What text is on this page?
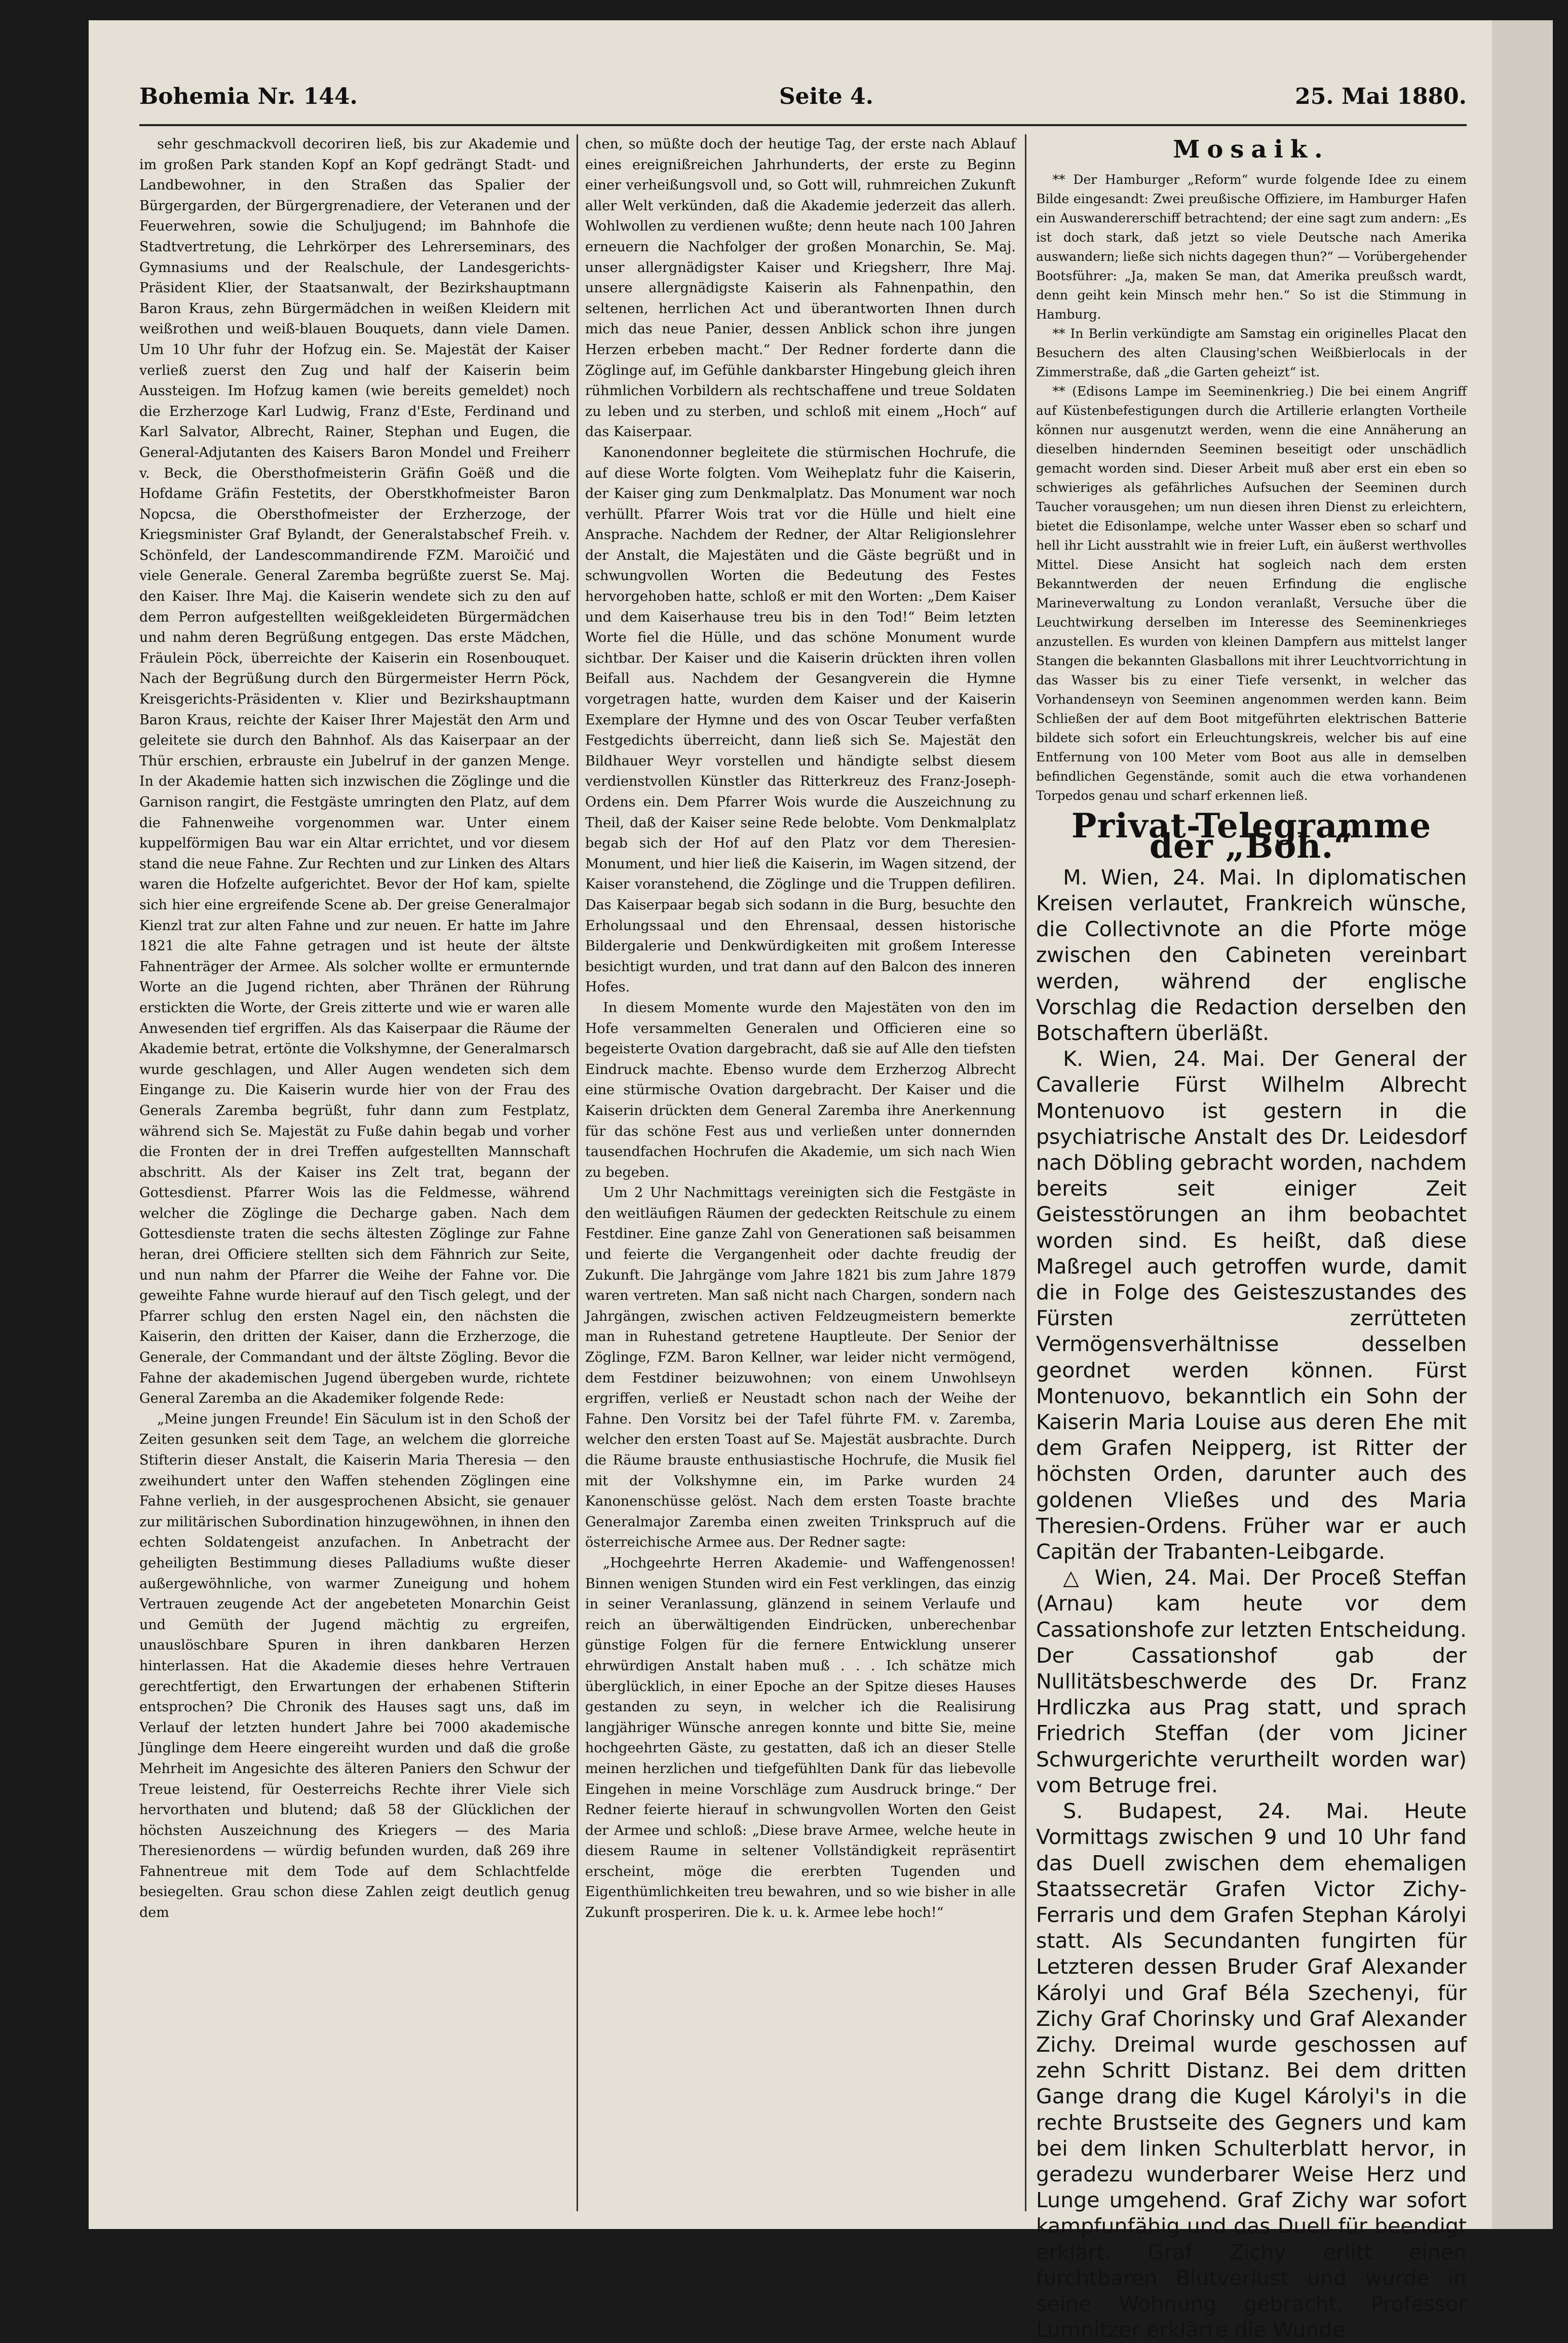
Bohemia Nr. 144.	Seite 4.	25. Mai 1880.

sehr geschmackvoll decoriren ließ, bis zur Akademie und im großen Park standen Kopf an Kopf gedrängt Stadt- und Landbewohner, in den Straßen das Spalier der Bürgergarden, der Bürgergrenadiere, der Veteranen und der Feuerwehren, sowie die Schuljugend; im Bahnhofe die Stadtvertretung, die Lehrkörper des Lehrerseminars, des Gymnasiums und der Realschule, der Landesgerichts-Präsident Klier, der Staatsanwalt, der Bezirkshauptmann Baron Kraus, zehn Bürgermädchen in weißen Kleidern mit weißrothen und weiß-blauen Bouquets, dann viele Damen. Um 10 Uhr fuhr der Hofzug ein. Se. Majestät der Kaiser verließ zuerst den Zug und half der Kaiserin beim Aussteigen. Im Hofzug kamen (wie bereits gemeldet) noch die Erzherzoge Karl Ludwig, Franz d'Este, Ferdinand und Karl Salvator, Albrecht, Rainer, Stephan und Eugen, die General-Adjutanten des Kaisers Baron Mondel und Freiherr v. Beck, die Obersthofmeisterin Gräfin Goëß und die Hofdame Gräfin Festetits, der Oberstkhofmeister Baron Nopcsa, die Obersthofmeister der Erzherzoge, der Kriegsminister Graf Bylandt, der Generalstabschef Freih. v. Schönfeld, der Landescommandirende FZM. Maroičić und viele Generale. General Zaremba begrüßte zuerst Se. Maj. den Kaiser. Ihre Maj. die Kaiserin wendete sich zu den auf dem Perron aufgestellten weißgekleideten Bürgermädchen und nahm deren Begrüßung entgegen. Das erste Mädchen, Fräulein Pöck, überreichte der Kaiserin ein Rosenbouquet. Nach der Begrüßung durch den Bürgermeister Herrn Pöck, Kreisgerichts-Präsidenten v. Klier und Bezirkshauptmann Baron Kraus, reichte der Kaiser Ihrer Majestät den Arm und geleitete sie durch den Bahnhof. Als das Kaiserpaar an der Thür erschien, erbrauste ein Jubelruf in der ganzen Menge. In der Akademie hatten sich inzwischen die Zöglinge und die Garnison rangirt, die Festgäste umringten den Platz, auf dem die Fahnenweihe vorgenommen war. Unter einem kuppelförmigen Bau war ein Altar errichtet, und vor diesem stand die neue Fahne. Zur Rechten und zur Linken des Altars waren die Hofzelte aufgerichtet. Bevor der Hof kam, spielte sich hier eine ergreifende Scene ab. Der greise Generalmajor Kienzl trat zur alten Fahne und zur neuen. Er hatte im Jahre 1821 die alte Fahne getragen und ist heute der ältste Fahnenträger der Armee. Als solcher wollte er ermunternde Worte an die Jugend richten, aber Thränen der Rührung erstickten die Worte, der Greis zitterte und wie er waren alle Anwesenden tief ergriffen. Als das Kaiserpaar die Räume der Akademie betrat, ertönte die Volkshymne, der Generalmarsch wurde geschlagen, und Aller Augen wendeten sich dem Eingange zu. Die Kaiserin wurde hier von der Frau des Generals Zaremba begrüßt, fuhr dann zum Festplatz, während sich Se. Majestät zu Fuße dahin begab und vorher die Fronten der in drei Treffen aufgestellten Mannschaft abschritt. Als der Kaiser ins Zelt trat, begann der Gottesdienst. Pfarrer Wois las die Feldmesse, während welcher die Zöglinge die Decharge gaben. Nach dem Gottesdienste traten die sechs ältesten Zöglinge zur Fahne heran, drei Officiere stellten sich dem Fähnrich zur Seite, und nun nahm der Pfarrer die Weihe der Fahne vor. Die geweihte Fahne wurde hierauf auf den Tisch gelegt, und der Pfarrer schlug den ersten Nagel ein, den nächsten die Kaiserin, den dritten der Kaiser, dann die Erzherzoge, die Generale, der Commandant und der ältste Zögling. Bevor die Fahne der akademischen Jugend übergeben wurde, richtete General Zaremba an die Akademiker folgende Rede:

„Meine jungen Freunde! Ein Säculum ist in den Schoß der Zeiten gesunken seit dem Tage, an welchem die glorreiche Stifterin dieser Anstalt, die Kaiserin Maria Theresia — den zweihundert unter den Waffen stehenden Zöglingen eine Fahne verlieh, in der ausgesprochenen Absicht, sie genauer zur militärischen Subordination hinzugewöhnen, in ihnen den echten Soldatengeist anzufachen. In Anbetracht der geheiligten Bestimmung dieses Palladiums wußte dieser außergewöhnliche, von warmer Zuneigung und hohem Vertrauen zeugende Act der angebeteten Monarchin Geist und Gemüth der Jugend mächtig zu ergreifen, unauslöschbare Spuren in ihren dankbaren Herzen hinterlassen. Hat die Akademie dieses hehre Vertrauen gerechtfertigt, den Erwartungen der erhabenen Stifterin entsprochen? Die Chronik des Hauses sagt uns, daß im Verlauf der letzten hundert Jahre bei 7000 akademische Jünglinge dem Heere eingereiht wurden und daß die große Mehrheit im Angesichte des älteren Paniers den Schwur der Treue leistend, für Oesterreichs Rechte ihrer Viele sich hervorthaten und blutend; daß 58 der Glücklichen der höchsten Auszeichnung des Kriegers — des Maria Theresienordens — würdig befunden wurden, daß 269 ihre Fahnentreue mit dem Tode auf dem Schlachtfelde besiegelten. Grau schon diese Zahlen zeigt deutlich genug dem

chen, so müßte doch der heutige Tag, der erste nach Ablauf eines ereignißreichen Jahrhunderts, der erste zu Beginn einer verheißungsvoll und, so Gott will, ruhmreichen Zukunft aller Welt verkünden, daß die Akademie jederzeit das allerh. Wohlwollen zu verdienen wußte; denn heute nach 100 Jahren erneuern die Nachfolger der großen Monarchin, Se. Maj. unser allergnädigster Kaiser und Kriegsherr, Ihre Maj. unsere allergnädigste Kaiserin als Fahnenpathin, den seltenen, herrlichen Act und überantworten Ihnen durch mich das neue Panier, dessen Anblick schon ihre jungen Herzen erbeben macht.“ Der Redner forderte dann die Zöglinge auf, im Gefühle dankbarster Hingebung gleich ihren rühmlichen Vorbildern als rechtschaffene und treue Soldaten zu leben und zu sterben, und schloß mit einem „Hoch“ auf das Kaiserpaar.

Kanonendonner begleitete die stürmischen Hochrufe, die auf diese Worte folgten. Vom Weiheplatz fuhr die Kaiserin, der Kaiser ging zum Denkmalplatz. Das Monument war noch verhüllt. Pfarrer Wois trat vor die Hülle und hielt eine Ansprache. Nachdem der Redner, der Altar Religionslehrer der Anstalt, die Majestäten und die Gäste begrüßt und in schwungvollen Worten die Bedeutung des Festes hervorgehoben hatte, schloß er mit den Worten: „Dem Kaiser und dem Kaiserhause treu bis in den Tod!“ Beim letzten Worte fiel die Hülle, und das schöne Monument wurde sichtbar. Der Kaiser und die Kaiserin drückten ihren vollen Beifall aus. Nachdem der Gesangverein die Hymne vorgetragen hatte, wurden dem Kaiser und der Kaiserin Exemplare der Hymne und des von Oscar Teuber verfaßten Festgedichts überreicht, dann ließ sich Se. Majestät den Bildhauer Weyr vorstellen und händigte selbst diesem verdienstvollen Künstler das Ritterkreuz des Franz-Joseph-Ordens ein. Dem Pfarrer Wois wurde die Auszeichnung zu Theil, daß der Kaiser seine Rede belobte. Vom Denkmalplatz begab sich der Hof auf den Platz vor dem Theresien-Monument, und hier ließ die Kaiserin, im Wagen sitzend, der Kaiser voranstehend, die Zöglinge und die Truppen defiliren. Das Kaiserpaar begab sich sodann in die Burg, besuchte den Erholungssaal und den Ehrensaal, dessen historische Bildergalerie und Denkwürdigkeiten mit großem Interesse besichtigt wurden, und trat dann auf den Balcon des inneren Hofes.

In diesem Momente wurde den Majestäten von den im Hofe versammelten Generalen und Officieren eine so begeisterte Ovation dargebracht, daß sie auf Alle den tiefsten Eindruck machte. Ebenso wurde dem Erzherzog Albrecht eine stürmische Ovation dargebracht. Der Kaiser und die Kaiserin drückten dem General Zaremba ihre Anerkennung für das schöne Fest aus und verließen unter donnernden tausendfachen Hochrufen die Akademie, um sich nach Wien zu begeben.

Um 2 Uhr Nachmittags vereinigten sich die Festgäste in den weitläufigen Räumen der gedeckten Reitschule zu einem Festdiner. Eine ganze Zahl von Generationen saß beisammen und feierte die Vergangenheit oder dachte freudig der Zukunft. Die Jahrgänge vom Jahre 1821 bis zum Jahre 1879 waren vertreten. Man saß nicht nach Chargen, sondern nach Jahrgängen, zwischen activen Feldzeugmeistern bemerkte man in Ruhestand getretene Hauptleute. Der Senior der Zöglinge, FZM. Baron Kellner, war leider nicht vermögend, dem Festdiner beizuwohnen; von einem Unwohlseyn ergriffen, verließ er Neustadt schon nach der Weihe der Fahne. Den Vorsitz bei der Tafel führte FM. v. Zaremba, welcher den ersten Toast auf Se. Majestät ausbrachte. Durch die Räume brauste enthusiastische Hochrufe, die Musik fiel mit der Volkshymne ein, im Parke wurden 24 Kanonenschüsse gelöst. Nach dem ersten Toaste brachte Generalmajor Zaremba einen zweiten Trinkspruch auf die österreichische Armee aus. Der Redner sagte:

„Hochgeehrte Herren Akademie- und Waffengenossen! Binnen wenigen Stunden wird ein Fest verklingen, das einzig in seiner Veranlassung, glänzend in seinem Verlaufe und reich an überwältigenden Eindrücken, unberechenbar günstige Folgen für die fernere Entwicklung unserer ehrwürdigen Anstalt haben muß . . . Ich schätze mich überglücklich, in einer Epoche an der Spitze dieses Hauses gestanden zu seyn, in welcher ich die Realisirung langjähriger Wünsche anregen konnte und bitte Sie, meine hochgeehrten Gäste, zu gestatten, daß ich an dieser Stelle meinen herzlichen und tiefgefühlten Dank für das liebevolle Eingehen in meine Vorschläge zum Ausdruck bringe.“ Der Redner feierte hierauf in schwungvollen Worten den Geist der Armee und schloß: „Diese brave Armee, welche heute in diesem Raume in seltener Vollständigkeit repräsentirt erscheint, möge die ererbten Tugenden und Eigenthümlichkeiten treu bewahren, und so wie bisher in alle Zukunft prosperiren. Die k. u. k. Armee lebe hoch!“

Mosaik.

** Der Hamburger „Reform“ wurde folgende Idee zu einem Bilde eingesandt: Zwei preußische Offiziere, im Hamburger Hafen ein Auswandererschiff betrachtend; der eine sagt zum andern: „Es ist doch stark, daß jetzt so viele Deutsche nach Amerika auswandern; ließe sich nichts dagegen thun?“ — Vorübergehender Bootsführer: „Ja, maken Se man, dat Amerika preußsch wardt, denn geiht kein Minsch mehr hen.“ So ist die Stimmung in Hamburg.

** In Berlin verkündigte am Samstag ein originelles Placat den Besuchern des alten Clausing'schen Weißbierlocals in der Zimmerstraße, daß „die Garten geheizt“ ist.

** (Edisons Lampe im Seeminenkrieg.) Die bei einem Angriff auf Küstenbefestigungen durch die Artillerie erlangten Vortheile können nur ausgenutzt werden, wenn die eine Annäherung an dieselben hindernden Seeminen beseitigt oder unschädlich gemacht worden sind. Dieser Arbeit muß aber erst ein eben so schwieriges als gefährliches Aufsuchen der Seeminen durch Taucher vorausgehen; um nun diesen ihren Dienst zu erleichtern, bietet die Edisonlampe, welche unter Wasser eben so scharf und hell ihr Licht ausstrahlt wie in freier Luft, ein äußerst werthvolles Mittel. Diese Ansicht hat sogleich nach dem ersten Bekanntwerden der neuen Erfindung die englische Marineverwaltung zu London veranlaßt, Versuche über die Leuchtwirkung derselben im Interesse des Seeminenkrieges anzustellen. Es wurden von kleinen Dampfern aus mittelst langer Stangen die bekannten Glasballons mit ihrer Leuchtvorrichtung in das Wasser bis zu einer Tiefe versenkt, in welcher das Vorhandenseyn von Seeminen angenommen werden kann. Beim Schließen der auf dem Boot mitgeführten elektrischen Batterie bildete sich sofort ein Erleuchtungskreis, welcher bis auf eine Entfernung von 100 Meter vom Boot aus alle in demselben befindlichen Gegenstände, somit auch die etwa vorhandenen Torpedos genau und scharf erkennen ließ.

Privat-Telegramme der „Boh.“

M. Wien, 24. Mai. In diplomatischen Kreisen verlautet, Frankreich wünsche, die Collectivnote an die Pforte möge zwischen den Cabineten vereinbart werden, während der englische Vorschlag die Redaction derselben den Botschaftern überläßt.

K. Wien, 24. Mai. Der General der Cavallerie Fürst Wilhelm Albrecht Montenuovo ist gestern in die psychiatrische Anstalt des Dr. Leidesdorf nach Döbling gebracht worden, nachdem bereits seit einiger Zeit Geistesstörungen an ihm beobachtet worden sind. Es heißt, daß diese Maßregel auch getroffen wurde, damit die in Folge des Geisteszustandes des Fürsten zerrütteten Vermögensverhältnisse desselben geordnet werden können. Fürst Montenuovo, bekanntlich ein Sohn der Kaiserin Maria Louise aus deren Ehe mit dem Grafen Neipperg, ist Ritter der höchsten Orden, darunter auch des goldenen Vließes und des Maria Theresien-Ordens. Früher war er auch Capitän der Trabanten-Leibgarde.

△ Wien, 24. Mai. Der Proceß Steffan (Arnau) kam heute vor dem Cassationshofe zur letzten Entscheidung. Der Cassationshof gab der Nullitätsbeschwerde des Dr. Franz Hrdliczka aus Prag statt, und sprach Friedrich Steffan (der vom Jiciner Schwurgerichte verurtheilt worden war) vom Betruge frei.

S. Budapest, 24. Mai. Heute Vormittags zwischen 9 und 10 Uhr fand das Duell zwischen dem ehemaligen Staatssecretär Grafen Victor Zichy-Ferraris und dem Grafen Stephan Károlyi statt. Als Secundanten fungirten für Letzteren dessen Bruder Graf Alexander Károlyi und Graf Béla Szechenyi, für Zichy Graf Chorinsky und Graf Alexander Zichy. Dreimal wurde geschossen auf zehn Schritt Distanz. Bei dem dritten Gange drang die Kugel Károlyi's in die rechte Brustseite des Gegners und kam bei dem linken Schulterblatt hervor, in geradezu wunderbarer Weise Herz und Lunge umgehend. Graf Zichy war sofort kampfunfähig und das Duell für beendigt erklärt. Graf Zichy erlitt einen furchtbaren Blutverlust und wurde in seine Wohnung gebracht. Professor Lumnitzer erklärte die Wunde
